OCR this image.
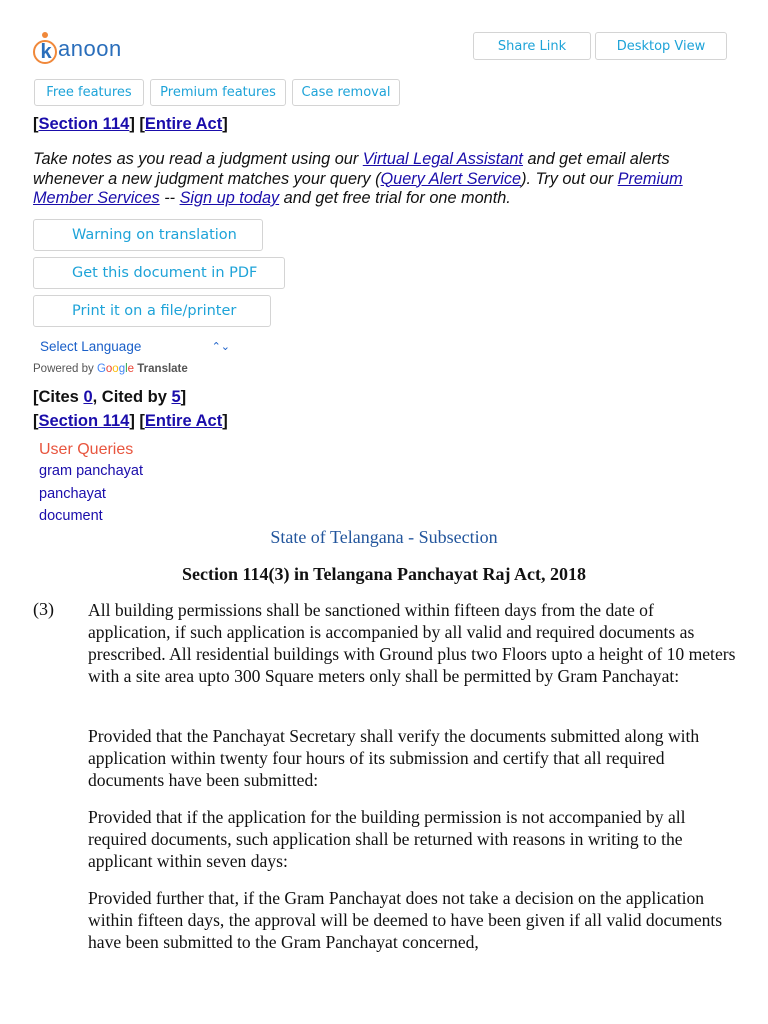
k anoon	Share Link	Desktop View
Free features	Premium features	Case removal
[Section 114] [Entire Act]
Take notes as you read a judgment using our Virtual Legal Assistant and get email alerts whenever a new judgment matches your query (Query Alert Service). Try out our Premium Member Services -- Sign up today and get free trial for one month.
Warning on translation
Get this document in PDF
Print it on a file/printer
Select Language	⌃⌄
Powered by Google Translate
[Cites 0, Cited by 5]
[Section 114] [Entire Act]
User Queries
gram panchayat
panchayat
document
State of Telangana - Subsection
Section 114(3) in Telangana Panchayat Raj Act, 2018
(3) All building permissions shall be sanctioned within fifteen days from the date of application, if such application is accompanied by all valid and required documents as prescribed. All residential buildings with Ground plus two Floors upto a height of 10 meters with a site area upto 300 Square meters only shall be permitted by Gram Panchayat:
Provided that the Panchayat Secretary shall verify the documents submitted along with application within twenty four hours of its submission and certify that all required documents have been submitted:
Provided that if the application for the building permission is not accompanied by all required documents, such application shall be returned with reasons in writing to the applicant within seven days:
Provided further that, if the Gram Panchayat does not take a decision on the application within fifteen days, the approval will be deemed to have been given if all valid documents have been submitted to the Gram Panchayat concerned,
